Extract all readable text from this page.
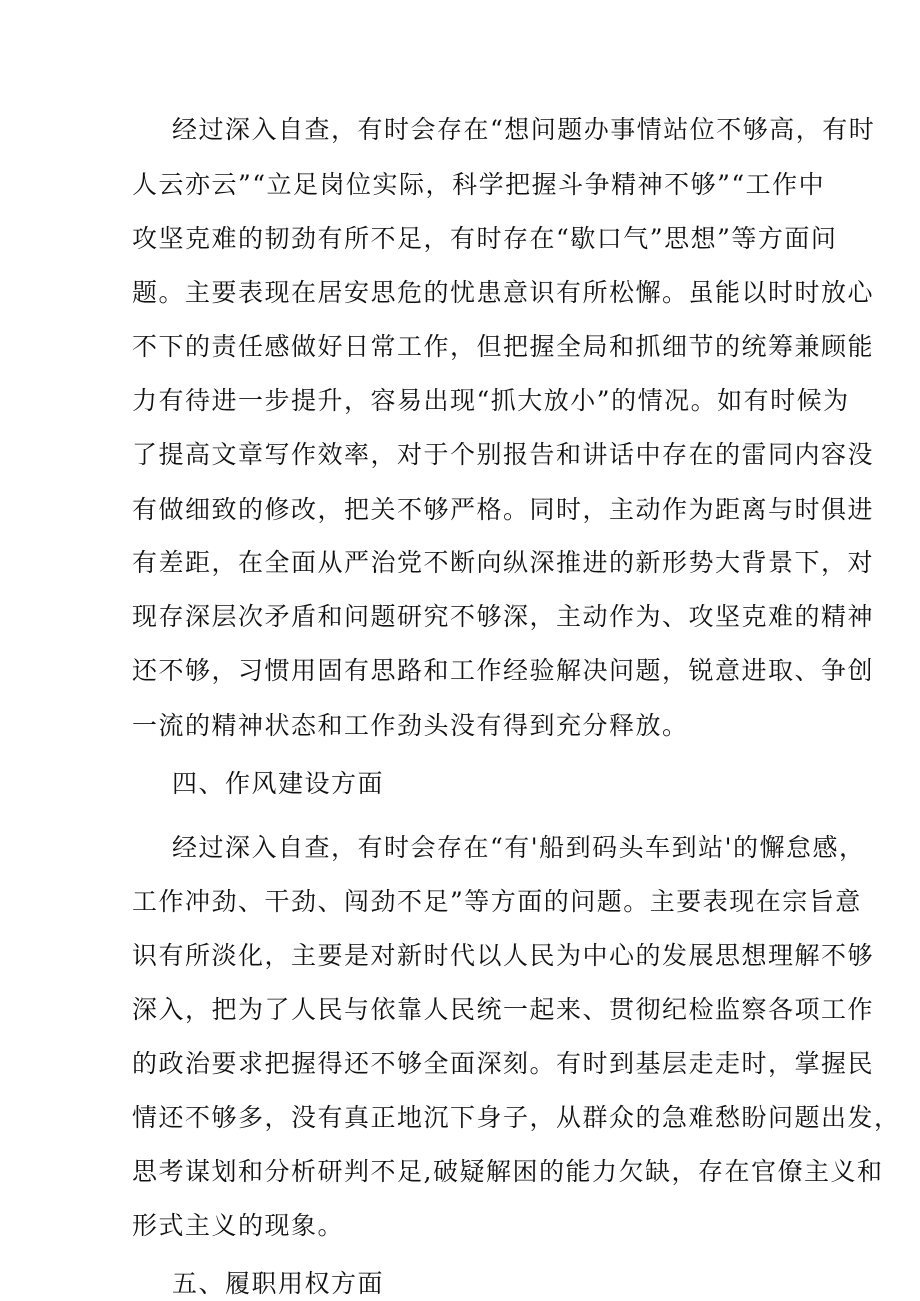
经过深入自查，有时会存在“想问题办事情站位不够高，有时
人云亦云”“立足岗位实际，科学把握斗争精神不够”“工作中
攻坚克难的韧劲有所不足，有时存在“歇口气”思想”等方面问
题。主要表现在居安思危的忧患意识有所松懈。虽能以时时放心
不下的责任感做好日常工作，但把握全局和抓细节的统筹兼顾能
力有待进一步提升，容易出现“抓大放小”的情况。如有时候为
了提高文章写作效率，对于个别报告和讲话中存在的雷同内容没
有做细致的修改，把关不够严格。同时，主动作为距离与时俱进
有差距，在全面从严治党不断向纵深推进的新形势大背景下，对
现存深层次矛盾和问题研究不够深，主动作为、攻坚克难的精神
还不够，习惯用固有思路和工作经验解决问题，锐意进取、争创
一流的精神状态和工作劲头没有得到充分释放。
四、作风建设方面
经过深入自查，有时会存在“有'船到码头车到站'的懈怠感，
工作冲劲、干劲、闯劲不足”等方面的问题。主要表现在宗旨意
识有所淡化，主要是对新时代以人民为中心的发展思想理解不够
深入，把为了人民与依靠人民统一起来、贯彻纪检监察各项工作
的政治要求把握得还不够全面深刻。有时到基层走走时，掌握民
情还不够多，没有真正地沉下身子，从群众的急难愁盼问题出发，
思考谋划和分析研判不足,破疑解困的能力欠缺，存在官僚主义和
形式主义的现象。
五、履职用权方面
